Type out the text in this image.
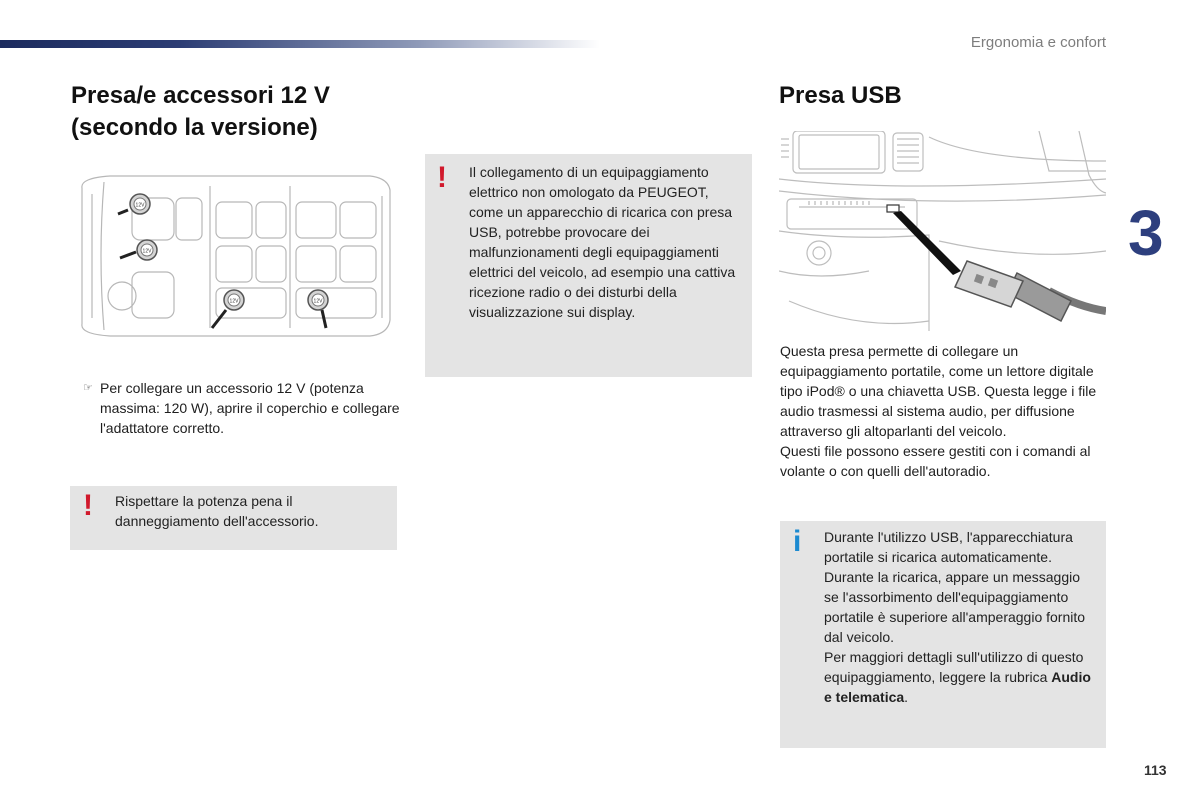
Ergonomia e confort
3
Presa/e accessori 12 V
(secondo la versione)
12V
12V
12V	12V
☞ Per collegare un accessorio 12 V (potenza massima: 120 W), aprire il coperchio e collegare l'adattatore corretto.
! Rispettare la potenza pena il danneggiamento dell'accessorio.
! Il collegamento di un equipaggiamento elettrico non omologato da PEUGEOT, come un apparecchio di ricarica con presa USB, potrebbe provocare dei malfunzionamenti degli equipaggiamenti elettrici del veicolo, ad esempio una cattiva ricezione radio o dei disturbi della visualizzazione sui display.
Presa USB
Questa presa permette di collegare un equipaggiamento portatile, come un lettore digitale tipo iPod® o una chiavetta USB. Questa legge i file audio trasmessi al sistema audio, per diffusione attraverso gli altoparlanti del veicolo.
Questi file possono essere gestiti con i comandi al volante o con quelli dell'autoradio.
i Durante l'utilizzo USB, l'apparecchiatura portatile si ricarica automaticamente.
Durante la ricarica, appare un messaggio se l'assorbimento dell'equipaggiamento portatile è superiore all'amperaggio fornito dal veicolo.
Per maggiori dettagli sull'utilizzo di questo equipaggiamento, leggere la rubrica Audio e telematica.
113
